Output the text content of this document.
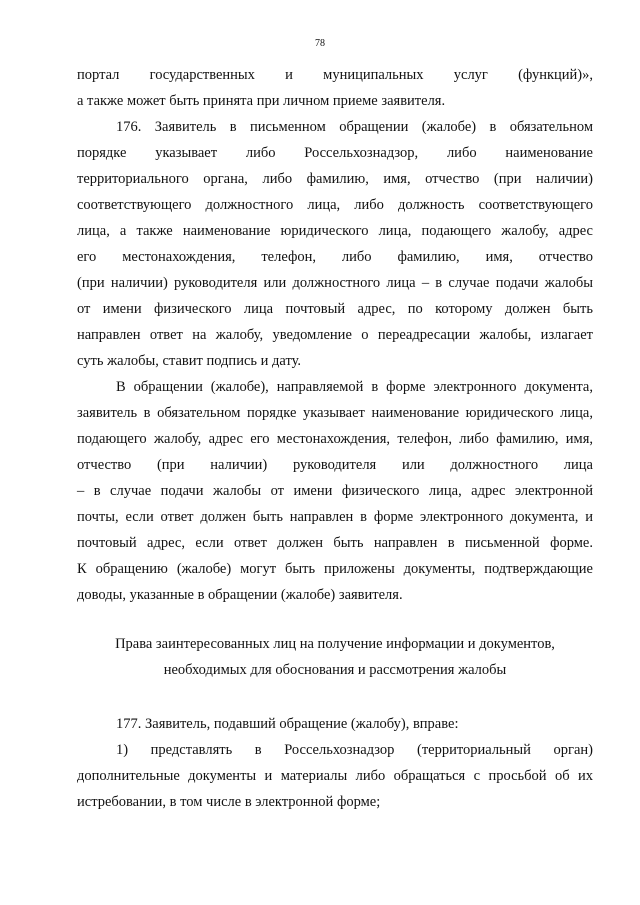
78
портал государственных и муниципальных услуг (функций)»,
а также может быть принята при личном приеме заявителя.
176. Заявитель в письменном обращении (жалобе) в обязательном
порядке указывает либо Россельхознадзор, либо наименование
территориального органа, либо фамилию, имя, отчество (при наличии)
соответствующего должностного лица, либо должность соответствующего
лица, а также наименование юридического лица, подающего жалобу, адрес
его местонахождения, телефон, либо фамилию, имя, отчество
(при наличии) руководителя или должностного лица – в случае подачи жалобы
от имени физического лица почтовый адрес, по которому должен быть
направлен ответ на жалобу, уведомление о переадресации жалобы, излагает
суть жалобы, ставит подпись и дату.
В обращении (жалобе), направляемой в форме электронного документа,
заявитель в обязательном порядке указывает наименование юридического лица,
подающего жалобу, адрес его местонахождения, телефон, либо фамилию, имя,
отчество (при наличии) руководителя или должностного лица
– в случае подачи жалобы от имени физического лица, адрес электронной
почты, если ответ должен быть направлен в форме электронного документа, и
почтовый адрес, если ответ должен быть направлен в письменной форме.
К обращению (жалобе) могут быть приложены документы, подтверждающие
доводы, указанные в обращении (жалобе) заявителя.
Права заинтересованных лиц на получение информации и документов,
необходимых для обоснования и рассмотрения жалобы
177. Заявитель, подавший обращение (жалобу), вправе:
1) представлять в Россельхознадзор (территориальный орган)
дополнительные документы и материалы либо обращаться с просьбой об их
истребовании, в том числе в электронной форме;
